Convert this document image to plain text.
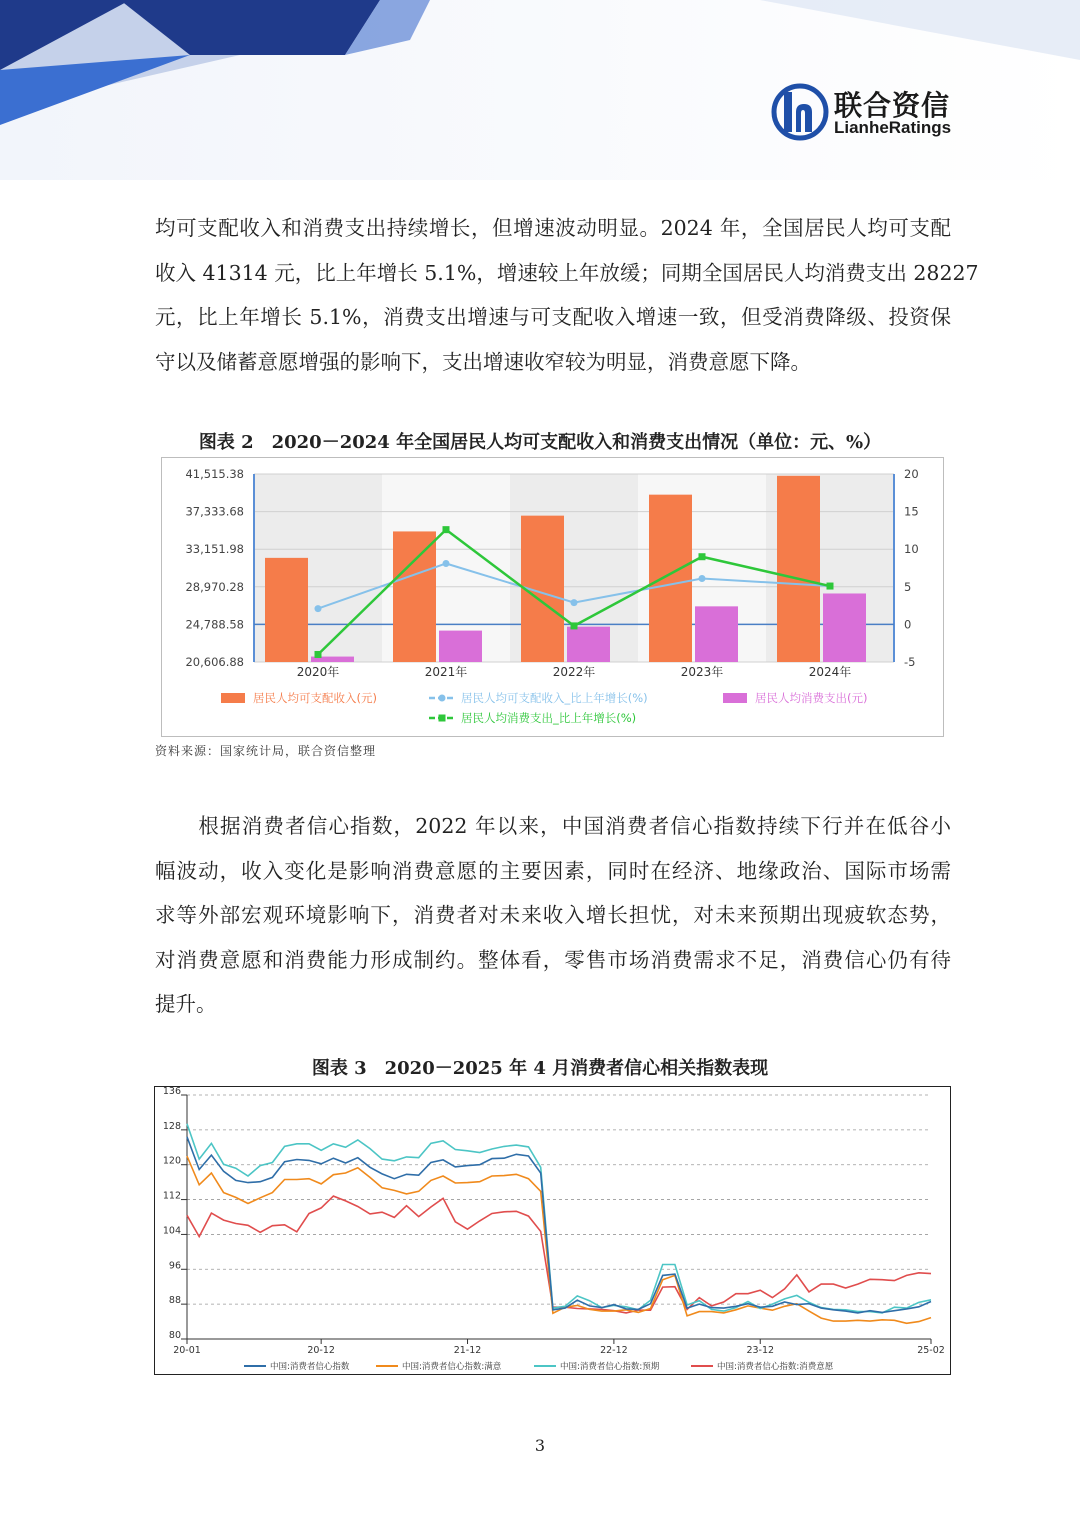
联合资信
LianheRatings

均可支配收入和消费支出持续增长，但增速波动明显。2024 年，全国居民人均可支配
收入 41314 元，比上年增长 5.1%，增速较上年放缓；同期全国居民人均消费支出 28227
元，比上年增长 5.1%，消费支出增速与可支配收入增速一致，但受消费降级、投资保
守以及储蓄意愿增强的影响下，支出增速收窄较为明显，消费意愿下降。

图表 2　2020－2024 年全国居民人均可支配收入和消费支出情况（单位：元、%）

41,515.38
37,333.68
33,151.98
28,970.28
24,788.58
20,606.88
20
15
10
5
0
-5
2020年	2021年	2022年	2023年	2024年
居民人均可支配收入(元)	居民人均可支配收入_比上年增长(%)	居民人均消费支出(元)
居民人均消费支出_比上年增长(%)
资料来源：国家统计局，联合资信整理

　　根据消费者信心指数，2022 年以来，中国消费者信心指数持续下行并在低谷小
幅波动，收入变化是影响消费意愿的主要因素，同时在经济、地缘政治、国际市场需
求等外部宏观环境影响下，消费者对未来收入增长担忧，对未来预期出现疲软态势，
对消费意愿和消费能力形成制约。整体看，零售市场消费需求不足，消费信心仍有待
提升。

图表 3　2020－2025 年 4 月消费者信心相关指数表现

136
128
120
112
104
96
88
80
20-01	20-12	21-12	22-12	23-12	25-02
中国:消费者信心指数	中国:消费者信心指数:满意	中国:消费者信心指数:预期	中国:消费者信心指数:消费意愿
3
